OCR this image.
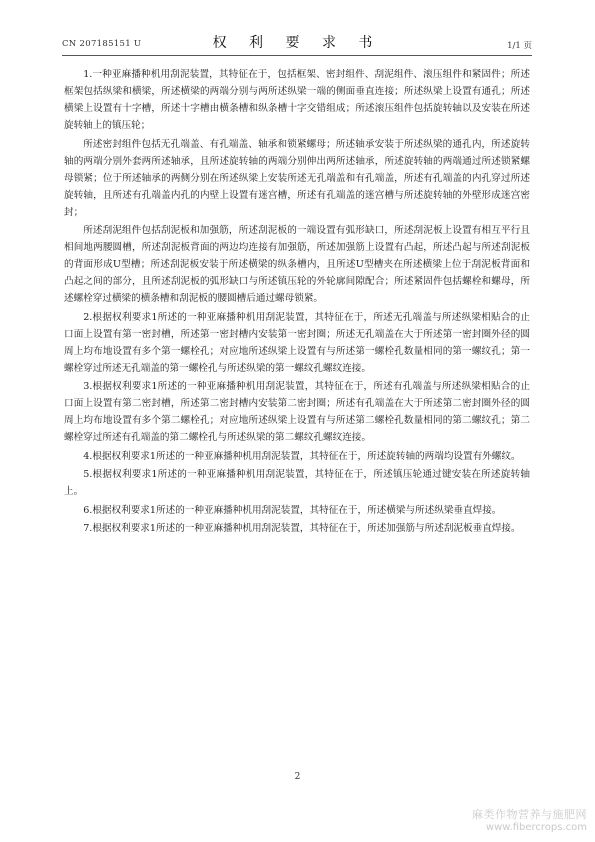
CN 207185151 U	权 利 要 求 书	1/1 页

1.一种亚麻播种机用刮泥装置，其特征在于，包括框架、密封组件、刮泥组件、滚压组件和紧固件；所述框架包括纵梁和横梁，所述横梁的两端分别与两所述纵梁一端的侧面垂直连接；所述纵梁上设置有通孔；所述横梁上设置有十字槽，所述十字槽由横条槽和纵条槽十字交错组成；所述滚压组件包括旋转轴以及安装在所述旋转轴上的镇压轮；

所述密封组件包括无孔端盖、有孔端盖、轴承和锁紧螺母；所述轴承安装于所述纵梁的通孔内，所述旋转轴的两端分别外套两所述轴承，且所述旋转轴的两端分别伸出两所述轴承，所述旋转轴的两端通过所述锁紧螺母锁紧；位于所述轴承的两侧分别在所述纵梁上安装所述无孔端盖和有孔端盖，所述有孔端盖的内孔穿过所述旋转轴，且所述有孔端盖内孔的内壁上设置有迷宫槽，所述有孔端盖的迷宫槽与所述旋转轴的外壁形成迷宫密封；

所述刮泥组件包括刮泥板和加强筋，所述刮泥板的一端设置有弧形缺口，所述刮泥板上设置有相互平行且相间地两腰圆槽，所述刮泥板背面的两边均连接有加强筋，所述加强筋上设置有凸起，所述凸起与所述刮泥板的背面形成U型槽；所述刮泥板安装于所述横梁的纵条槽内，且所述U型槽夹在所述横梁上位于刮泥板背面和凸起之间的部分，且所述刮泥板的弧形缺口与所述镇压轮的外轮廓间隙配合；所述紧固件包括螺栓和螺母，所述螺栓穿过横梁的横条槽和刮泥板的腰圆槽后通过螺母锁紧。

2.根据权利要求1所述的一种亚麻播种机用刮泥装置，其特征在于，所述无孔端盖与所述纵梁相贴合的止口面上设置有第一密封槽，所述第一密封槽内安装第一密封圈；所述无孔端盖在大于所述第一密封圈外径的圆周上均布地设置有多个第一螺栓孔；对应地所述纵梁上设置有与所述第一螺栓孔数量相同的第一螺纹孔；第一螺栓穿过所述无孔端盖的第一螺栓孔与所述纵梁的第一螺纹孔螺纹连接。

3.根据权利要求1所述的一种亚麻播种机用刮泥装置，其特征在于，所述有孔端盖与所述纵梁相贴合的止口面上设置有第二密封槽，所述第二密封槽内安装第二密封圈；所述有孔端盖在大于所述第二密封圈外径的圆周上均布地设置有多个第二螺栓孔；对应地所述纵梁上设置有与所述第二螺栓孔数量相同的第二螺纹孔；第二螺栓穿过所述有孔端盖的第二螺栓孔与所述纵梁的第二螺纹孔螺纹连接。

4.根据权利要求1所述的一种亚麻播种机用刮泥装置，其特征在于，所述旋转轴的两端均设置有外螺纹。

5.根据权利要求1所述的一种亚麻播种机用刮泥装置，其特征在于，所述镇压轮通过键安装在所述旋转轴上。

6.根据权利要求1所述的一种亚麻播种机用刮泥装置，其特征在于，所述横梁与所述纵梁垂直焊接。

7.根据权利要求1所述的一种亚麻播种机用刮泥装置，其特征在于，所述加强筋与所述刮泥板垂直焊接。

2
麻类作物营养与施肥网
www.fibercrops.com
